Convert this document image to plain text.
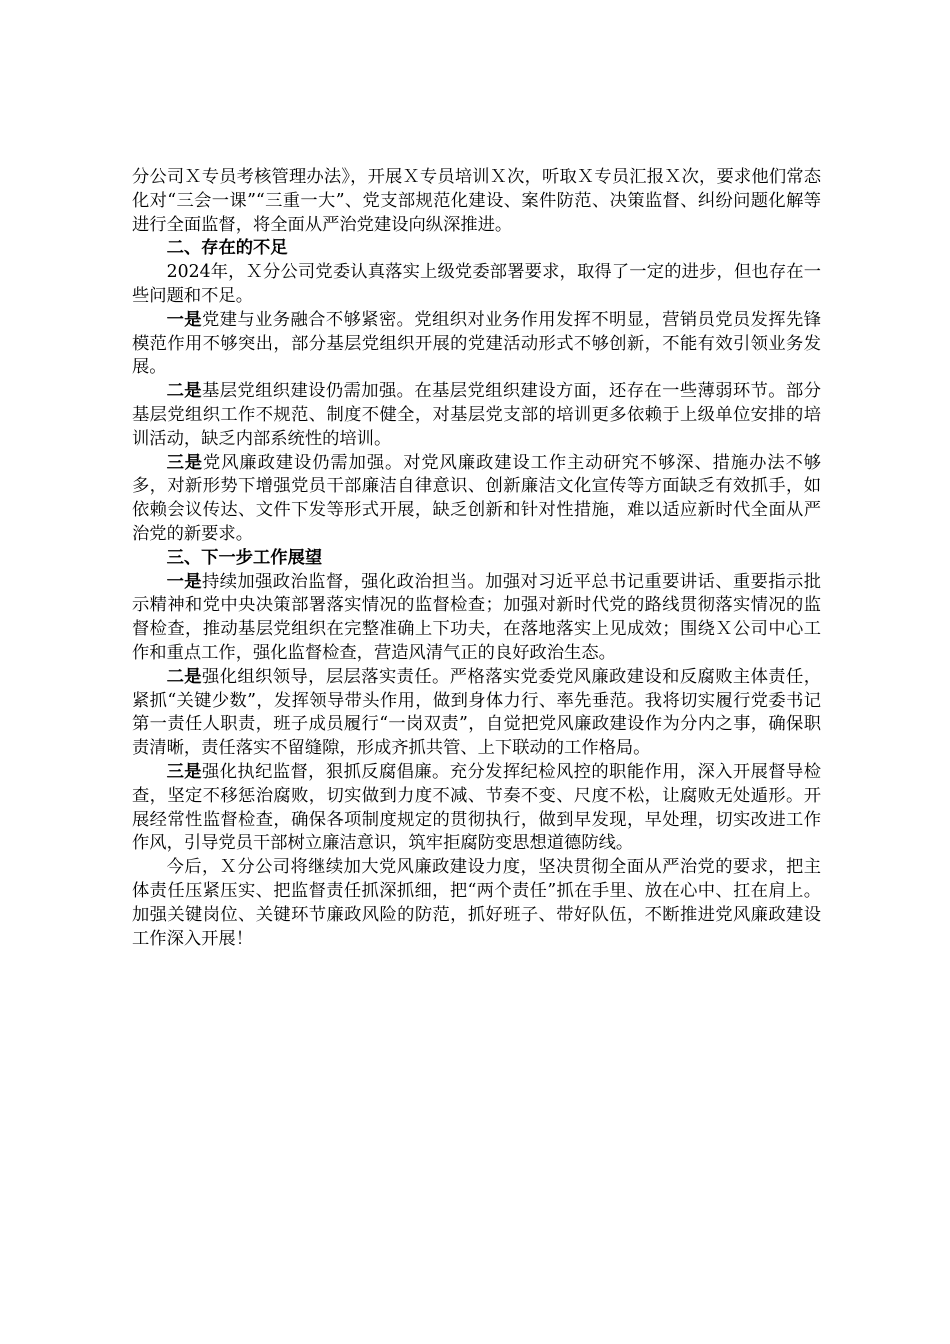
分公司Ｘ专员考核管理办法》，开展Ｘ专员培训Ｘ次，听取Ｘ专员汇报Ｘ次，要求他们常态化对“三会一课”“三重一大”、党支部规范化建设、案件防范、决策监督、纠纷问题化解等进行全面监督，将全面从严治党建设向纵深推进。

二、存在的不足

2024年，Ｘ分公司党委认真落实上级党委部署要求，取得了一定的进步，但也存在一些问题和不足。

一是党建与业务融合不够紧密。党组织对业务作用发挥不明显，营销员党员发挥先锋模范作用不够突出，部分基层党组织开展的党建活动形式不够创新，不能有效引领业务发展。

二是基层党组织建设仍需加强。在基层党组织建设方面，还存在一些薄弱环节。部分基层党组织工作不规范、制度不健全，对基层党支部的培训更多依赖于上级单位安排的培训活动，缺乏内部系统性的培训。

三是党风廉政建设仍需加强。对党风廉政建设工作主动研究不够深、措施办法不够多，对新形势下增强党员干部廉洁自律意识、创新廉洁文化宣传等方面缺乏有效抓手，如依赖会议传达、文件下发等形式开展，缺乏创新和针对性措施，难以适应新时代全面从严治党的新要求。

三、下一步工作展望

一是持续加强政治监督，强化政治担当。加强对习近平总书记重要讲话、重要指示批示精神和党中央决策部署落实情况的监督检查；加强对新时代党的路线贯彻落实情况的监督检查，推动基层党组织在完整准确上下功夫，在落地落实上见成效；围绕Ｘ公司中心工作和重点工作，强化监督检查，营造风清气正的良好政治生态。

二是强化组织领导，层层落实责任。严格落实党委党风廉政建设和反腐败主体责任，紧抓“关键少数”，发挥领导带头作用，做到身体力行、率先垂范。我将切实履行党委书记第一责任人职责，班子成员履行“一岗双责”，自觉把党风廉政建设作为分内之事，确保职责清晰，责任落实不留缝隙，形成齐抓共管、上下联动的工作格局。

三是强化执纪监督，狠抓反腐倡廉。充分发挥纪检风控的职能作用，深入开展督导检查，坚定不移惩治腐败，切实做到力度不减、节奏不变、尺度不松，让腐败无处遁形。开展经常性监督检查，确保各项制度规定的贯彻执行，做到早发现，早处理，切实改进工作作风，引导党员干部树立廉洁意识，筑牢拒腐防变思想道德防线。

今后，Ｘ分公司将继续加大党风廉政建设力度，坚决贯彻全面从严治党的要求，把主体责任压紧压实、把监督责任抓深抓细，把“两个责任”抓在手里、放在心中、扛在肩上。加强关键岗位、关键环节廉政风险的防范，抓好班子、带好队伍，不断推进党风廉政建设工作深入开展！
